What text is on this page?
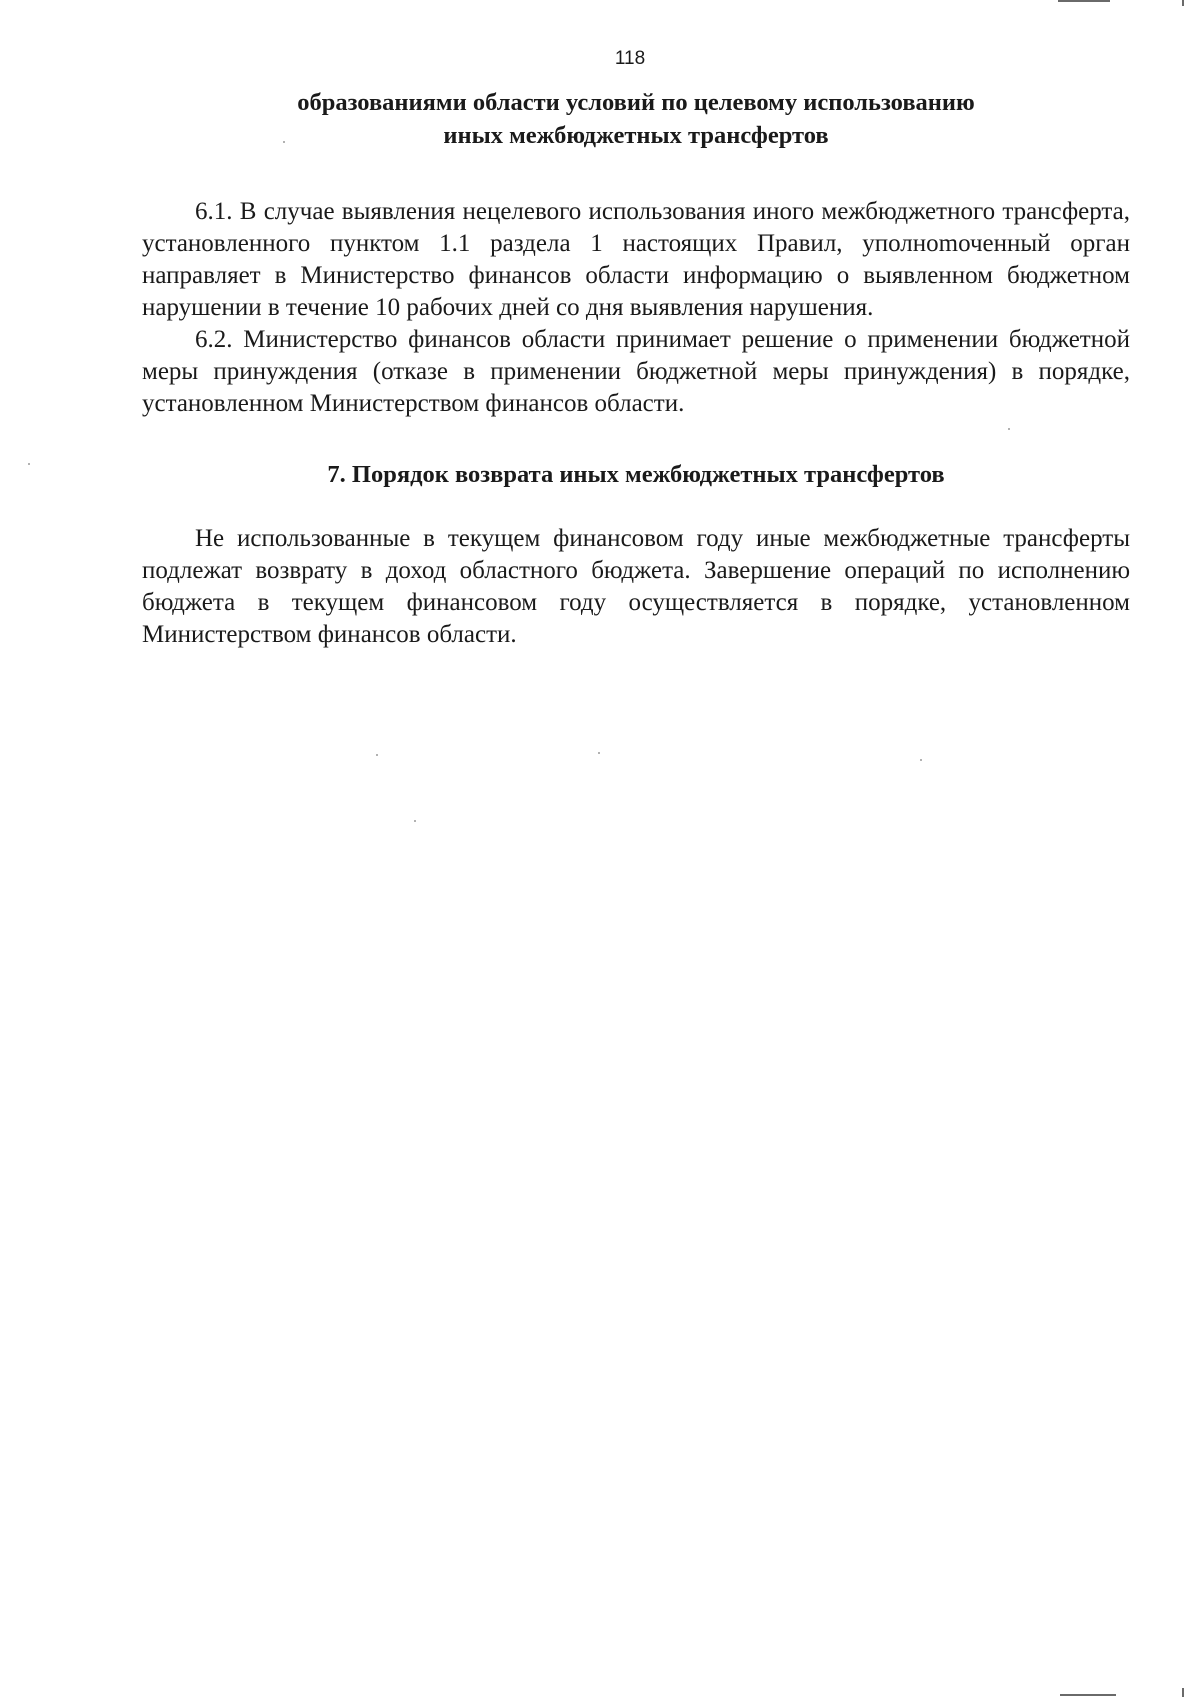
118
образованиями области условий по целевому использованию
иных межбюджетных трансфертов

6.1. В случае выявления нецелевого использования иного межбюджетного трансферта, установленного пунктом 1.1 раздела 1 настоящих Правил, уполноmоченный орган направляет в Министерство финансов области информацию о выявленном бюджетном нарушении в течение 10 рабочих дней со дня выявления нарушения.

6.2. Министерство финансов области принимает решение о применении бюджетной меры принуждения (отказе в применении бюджетной меры принуждения) в порядке, установленном Министерством финансов области.

7. Порядок возврата иных межбюджетных трансфертов

Не использованные в текущем финансовом году иные межбюджетные трансферты подлежат возврату в доход областного бюджета. Завершение операций по исполнению бюджета в текущем финансовом году осуществляется в порядке, установленном Министерством финансов области.
